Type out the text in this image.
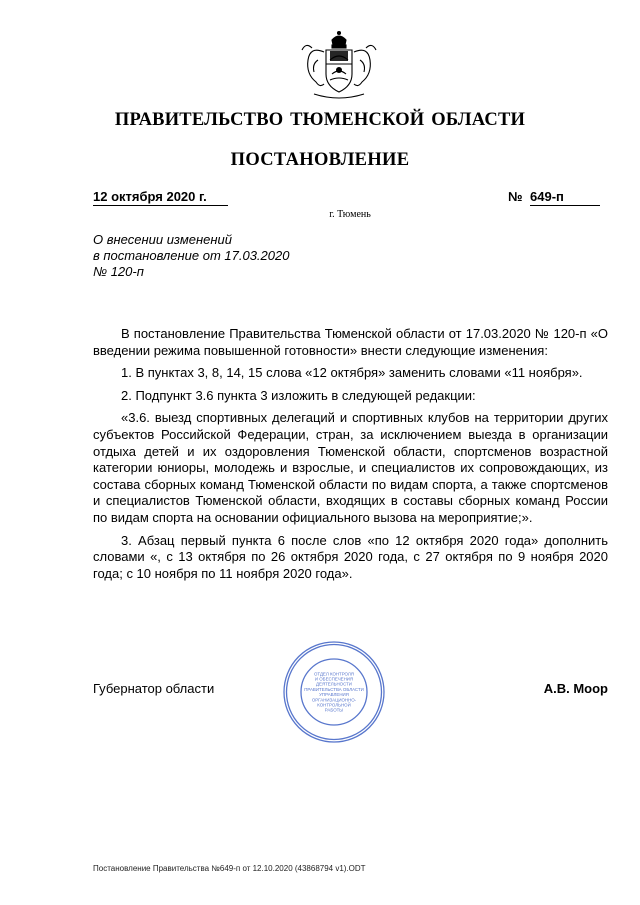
ПРАВИТЕЛЬСТВО ТЮМЕНСКОЙ ОБЛАСТИ
ПОСТАНОВЛЕНИЕ
12 октября 2020 г.	№ 649-п
г. Тюмень
О внесении изменений
в постановление от 17.03.2020
№ 120-п

В постановление Правительства Тюменской области от 17.03.2020 № 120-п «О введении режима повышенной готовности» внести следующие изменения:

1. В пунктах 3, 8, 14, 15 слова «12 октября» заменить словами «11 ноября».

2. Подпункт 3.6 пункта 3 изложить в следующей редакции:

«3.6. выезд спортивных делегаций и спортивных клубов на территории других субъектов Российской Федерации, стран, за исключением выезда в организации отдыха детей и их оздоровления Тюменской области, спортсменов возрастной категории юниоры, молодежь и взрослые, и специалистов их сопровождающих, из состава сборных команд Тюменской области по видам спорта, а также спортсменов и специалистов Тюменской области, входящих в составы сборных команд России по видам спорта на основании официального вызова на мероприятие;».

3. Абзац первый пункта 6 после слов «по 12 октября 2020 года» дополнить словами «, с 13 октября по 26 октября 2020 года, с 27 октября по 9 ноября 2020 года; с 10 ноября по 11 ноября 2020 года».

Губернатор области	А.В. Моор
ОТДЕЛ КОНТРОЛЯ
И ОБЕСПЕЧЕНИЯ
ДЕЯТЕЛЬНОСТИ
ПРАВИТЕЛЬСТВА ОБЛАСТИ
УПРАВЛЕНИЯ
ОРГАНИЗАЦИОННО-
КОНТРОЛЬНОЙ
РАБОТЫ
Постановление Правительства №649-п от 12.10.2020 (43868794 v1).ODT
